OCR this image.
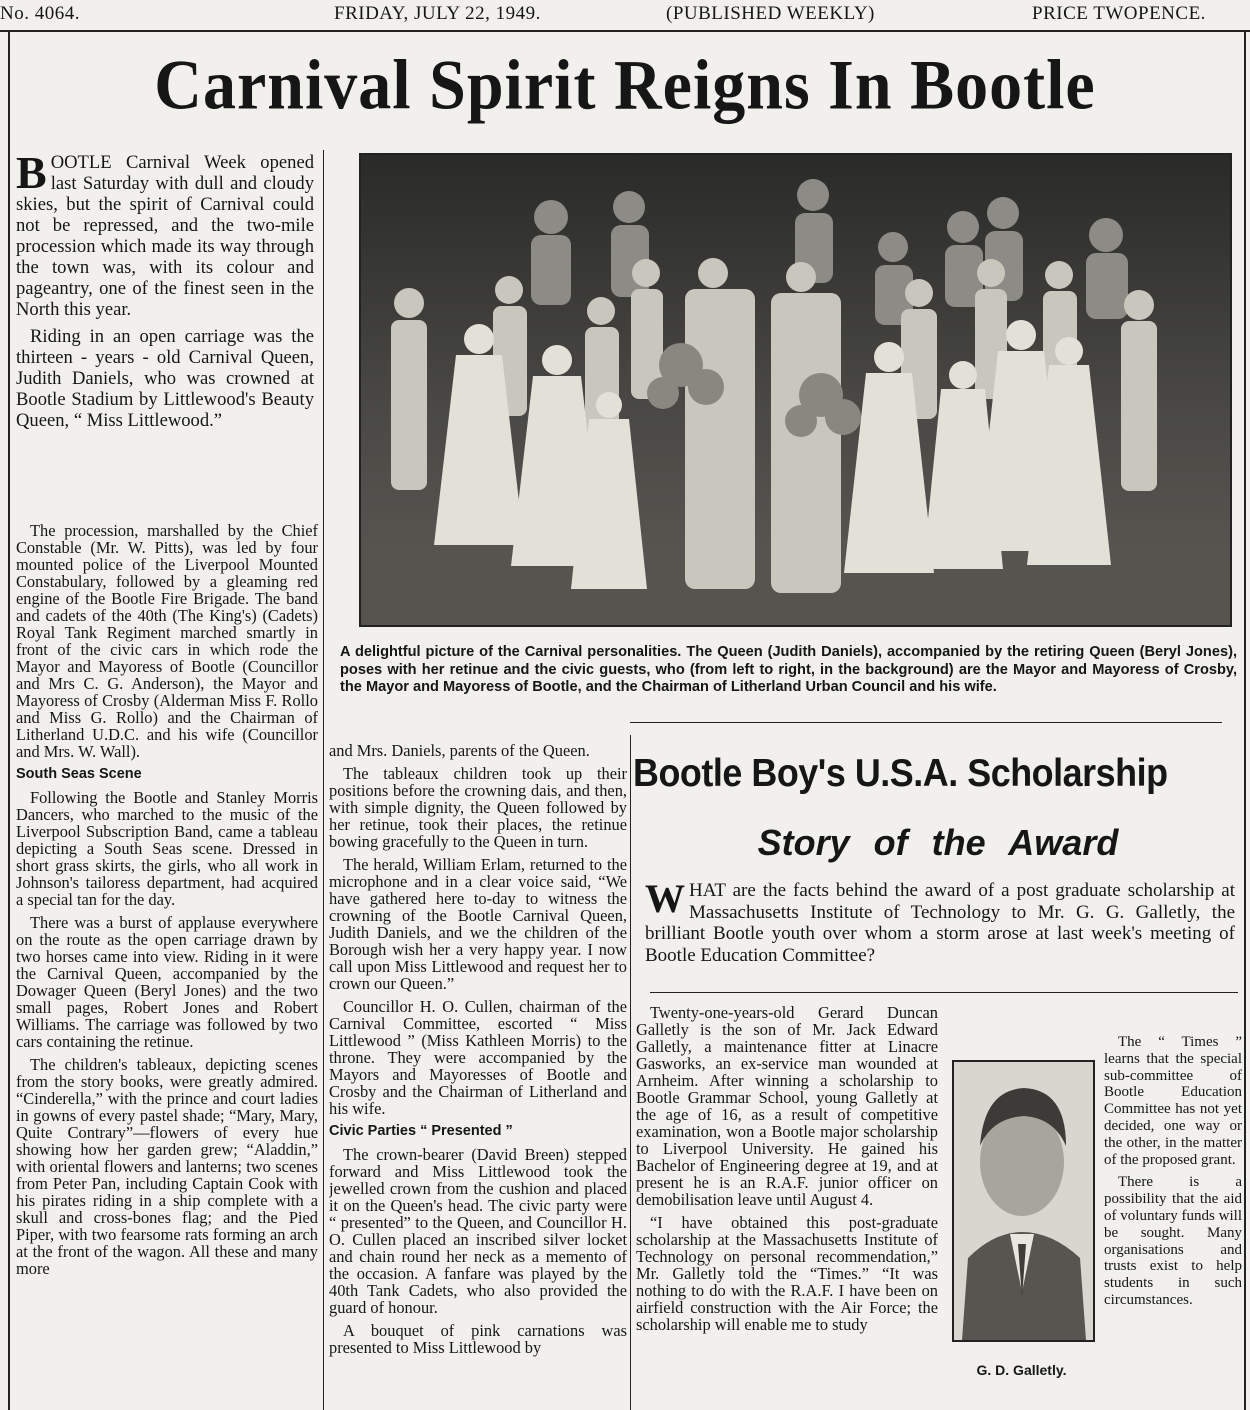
No. 4064.	FRIDAY, JULY 22, 1949.	(PUBLISHED WEEKLY)	PRICE TWOPENCE.
Carnival Spirit Reigns In Bootle

BOOTLE Carnival Week opened last Saturday with dull and cloudy skies, but the spirit of Carnival could not be repressed, and the two-mile procession which made its way through the town was, with its colour and pageantry, one of the finest seen in the North this year.

Riding in an open carriage was the thirteen - years - old Carnival Queen, Judith Daniels, who was crowned at Bootle Stadium by Littlewood's Beauty Queen, “ Miss Littlewood.”

The procession, marshalled by the Chief Constable (Mr. W. Pitts), was led by four mounted police of the Liverpool Mounted Constabulary, followed by a gleaming red engine of the Bootle Fire Brigade. The band and cadets of the 40th (The King's) (Cadets) Royal Tank Regiment marched smartly in front of the civic cars in which rode the Mayor and Mayoress of Bootle (Councillor and Mrs C. G. Anderson), the Mayor and Mayoress of Crosby (Alderman Miss F. Rollo and Miss G. Rollo) and the Chairman of Litherland U.D.C. and his wife (Councillor and Mrs. W. Wall).

South Seas Scene

Following the Bootle and Stanley Morris Dancers, who marched to the music of the Liverpool Subscription Band, came a tableau depicting a South Seas scene. Dressed in short grass skirts, the girls, who all work in Johnson's tailoress department, had acquired a special tan for the day.

There was a burst of applause everywhere on the route as the open carriage drawn by two horses came into view. Riding in it were the Carnival Queen, accompanied by the Dowager Queen (Beryl Jones) and the two small pages, Robert Jones and Robert Williams. The carriage was followed by two cars containing the retinue.

The children's tableaux, depicting scenes from the story books, were greatly admired. “Cinderella,” with the prince and court ladies in gowns of every pastel shade; “Mary, Mary, Quite Contrary”—flowers of every hue showing how her garden grew; “Aladdin,” with oriental flowers and lanterns; two scenes from Peter Pan, including Captain Cook with his pirates riding in a ship complete with a skull and cross-bones flag; and the Pied Piper, with two fearsome rats forming an arch at the front of the wagon. All these and many more

A delightful picture of the Carnival personalities. The Queen (Judith Daniels), accompanied by the retiring Queen (Beryl Jones), poses with her retinue and the civic guests, who (from left to right, in the background) are the Mayor and Mayoress of Crosby, the Mayor and Mayoress of Bootle, and the Chairman of Litherland Urban Council and his wife.

and Mrs. Daniels, parents of the Queen.

The tableaux children took up their positions before the crowning dais, and then, with simple dignity, the Queen followed by her retinue, took their places, the retinue bowing gracefully to the Queen in turn.

The herald, William Erlam, returned to the microphone and in a clear voice said, “We have gathered here to-day to witness the crowning of the Bootle Carnival Queen, Judith Daniels, and we the children of the Borough wish her a very happy year. I now call upon Miss Littlewood and request her to crown our Queen.”

Councillor H. O. Cullen, chairman of the Carnival Committee, escorted “ Miss Littlewood ” (Miss Kathleen Morris) to the throne. They were accompanied by the Mayors and Mayoresses of Bootle and Crosby and the Chairman of Litherland and his wife.

Civic Parties “ Presented ”

The crown-bearer (David Breen) stepped forward and Miss Littlewood took the jewelled crown from the cushion and placed it on the Queen's head. The civic party were “ presented” to the Queen, and Councillor H. O. Cullen placed an inscribed silver locket and chain round her neck as a memento of the occasion. A fanfare was played by the 40th Tank Cadets, who also provided the guard of honour.

A bouquet of pink carnations was presented to Miss Littlewood by

Bootle Boy's U.S.A. Scholarship
Story of the Award
WHAT are the facts behind the award of a post graduate scholarship at Massachusetts Institute of Technology to Mr. G. G. Galletly, the brilliant Bootle youth over whom a storm arose at last week's meeting of Bootle Education Committee?

Twenty-one-years-old Gerard Duncan Galletly is the son of Mr. Jack Edward Galletly, a maintenance fitter at Linacre Gasworks, an ex-service man wounded at Arnheim. After winning a scholarship to Bootle Grammar School, young Galletly at the age of 16, as a result of competitive examination, won a Bootle major scholarship to Liverpool University. He gained his Bachelor of Engineering degree at 19, and at present he is an R.A.F. junior officer on demobilisation leave until August 4.

“I have obtained this post-graduate scholarship at the Massachusetts Institute of Technology on personal recommendation,” Mr. Galletly told the “Times.” “It was nothing to do with the R.A.F. I have been on airfield construction with the Air Force; the scholarship will enable me to study

G. D. Galletly.

The “ Times ” learns that the special sub-committee of Bootle Education Committee has not yet decided, one way or the other, in the matter of the proposed grant.

There is a possibility that the aid of voluntary funds will be sought. Many organisations and trusts exist to help students in such circumstances.
